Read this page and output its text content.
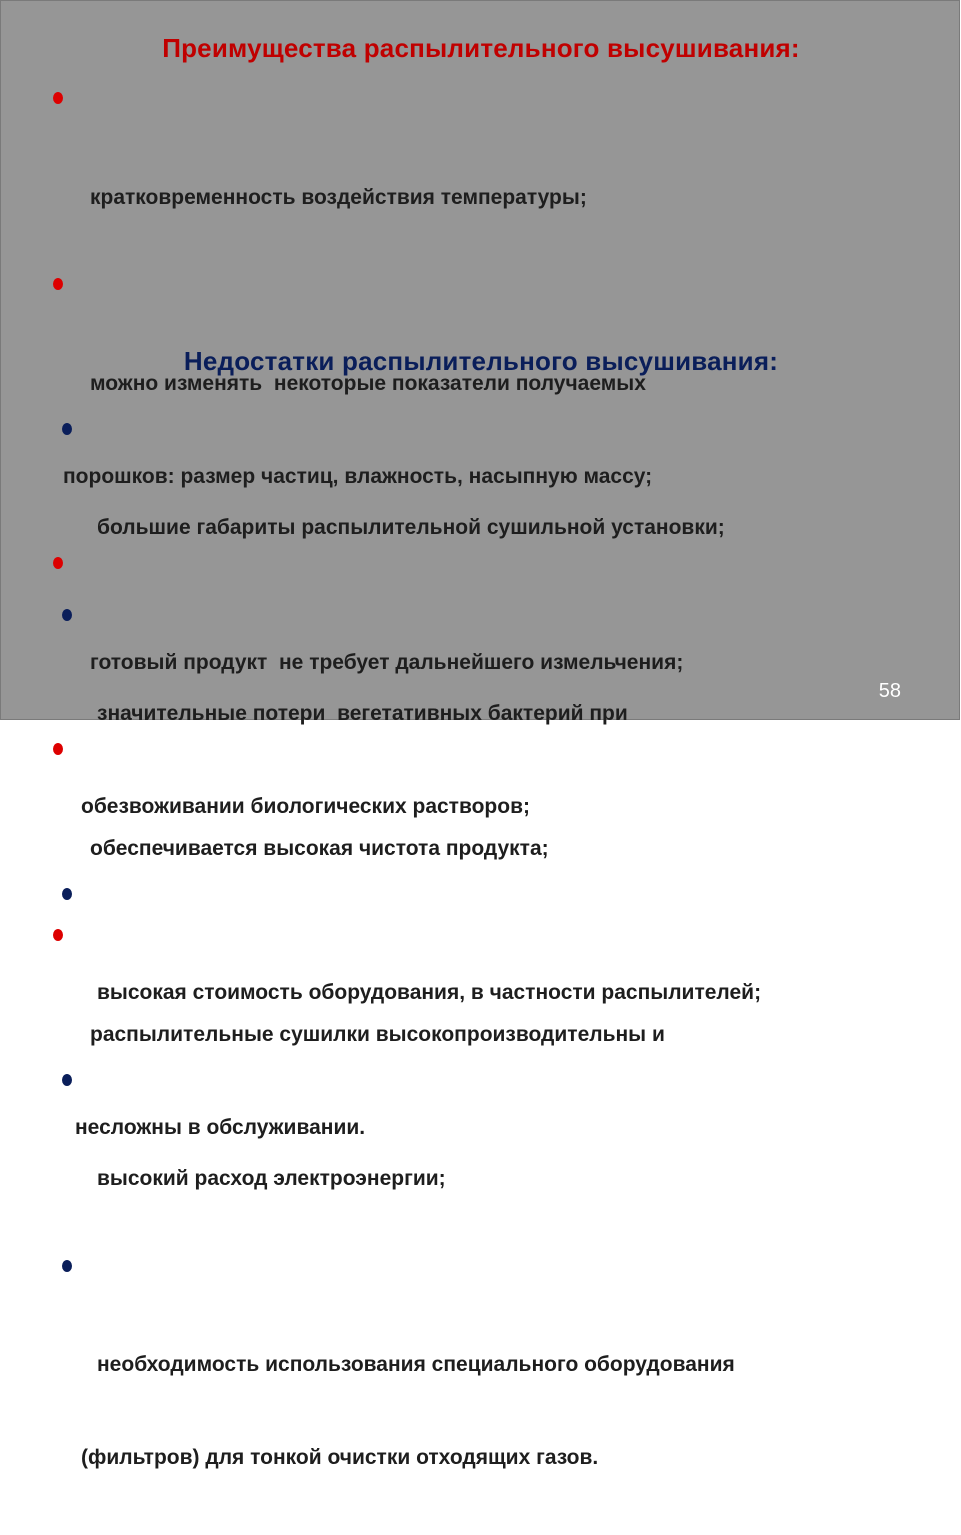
Преимущества распылительного высушивания:

кратковременность воздействия температуры;

можно изменять  некоторые показатели получаемых

порошков: размер частиц, влажность, насыпную массу;

готовый продукт  не требует дальнейшего измельчения;

обеспечивается высокая чистота продукта;

распылительные сушилки высокопроизводительны и

несложны в обслуживании.

Недостатки распылительного высушивания:

большие габариты распылительной сушильной установки;

значительные потери  вегетативных бактерий при

обезвоживании биологических растворов;

высокая стоимость оборудования, в частности распылителей;

высокий расход электроэнергии;

необходимость использования специального оборудования

(фильтров) для тонкой очистки отходящих газов.

58
